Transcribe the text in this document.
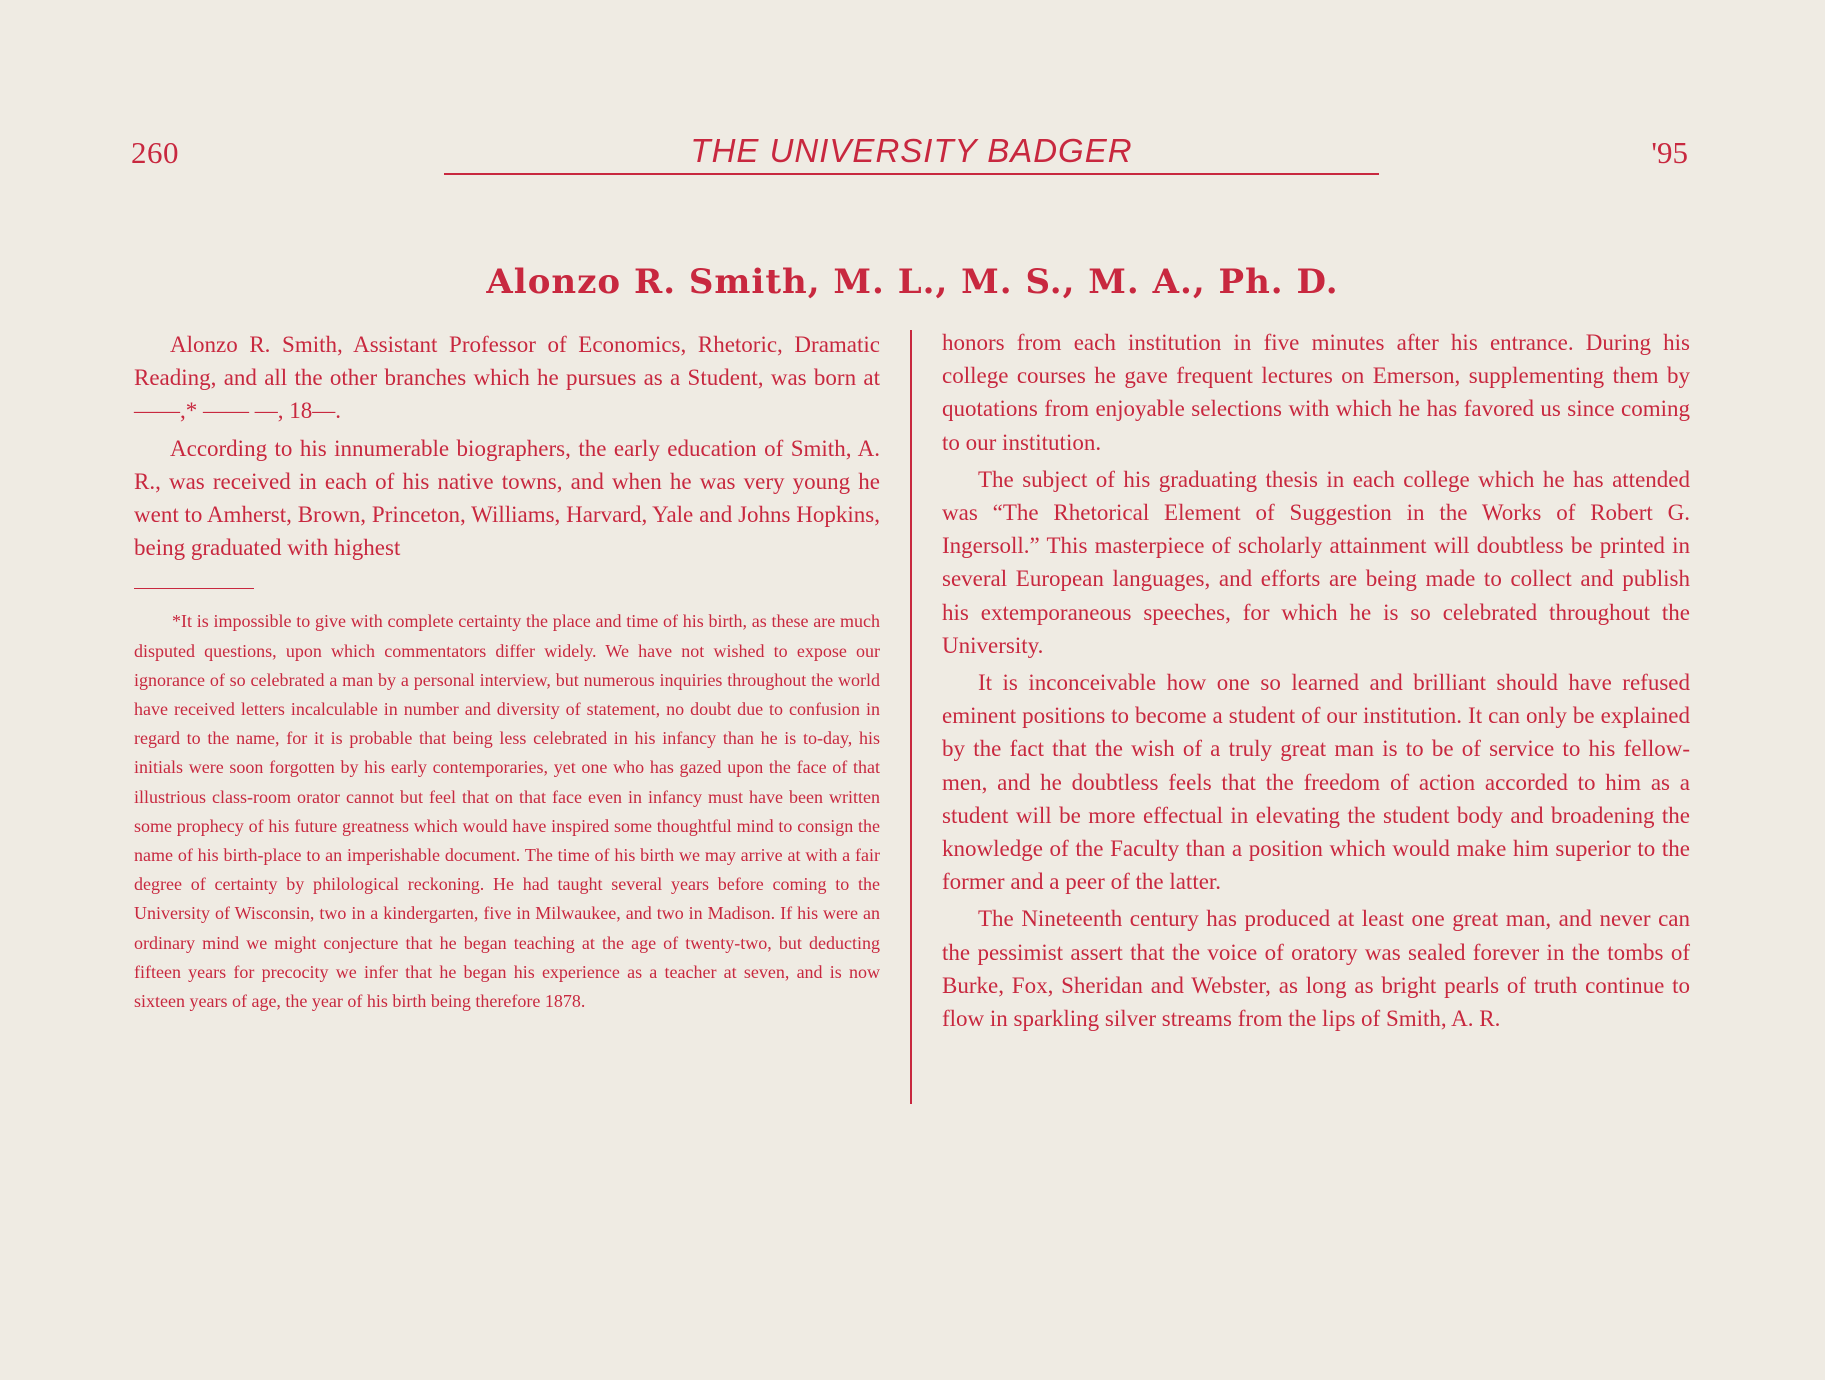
260	THE UNIVERSITY BADGER	'95
Alonzo R. Smith, M. L., M. S., M. A., Ph. D.

Alonzo R. Smith, Assistant Professor of Economics, Rhetoric, Dramatic Reading, and all the other branches which he pursues as a Student, was born at ——,* —— —, 18—.

According to his innumerable biographers, the early education of Smith, A. R., was received in each of his native towns, and when he was very young he went to Amherst, Brown, Princeton, Williams, Harvard, Yale and Johns Hopkins, being graduated with highest

*It is impossible to give with complete certainty the place and time of his birth, as these are much disputed questions, upon which commentators differ widely. We have not wished to expose our ignorance of so celebrated a man by a personal interview, but numerous inquiries throughout the world have received letters incalculable in number and diversity of statement, no doubt due to confusion in regard to the name, for it is probable that being less celebrated in his infancy than he is to-day, his initials were soon forgotten by his early contemporaries, yet one who has gazed upon the face of that illustrious class-room orator cannot but feel that on that face even in infancy must have been written some prophecy of his future greatness which would have inspired some thoughtful mind to consign the name of his birth-place to an imperishable document. The time of his birth we may arrive at with a fair degree of certainty by philological reckoning. He had taught several years before coming to the University of Wisconsin, two in a kindergarten, five in Milwaukee, and two in Madison. If his were an ordinary mind we might conjecture that he began teaching at the age of twenty-two, but deducting fifteen years for precocity we infer that he began his experience as a teacher at seven, and is now sixteen years of age, the year of his birth being therefore 1878.

honors from each institution in five minutes after his entrance. During his college courses he gave frequent lectures on Emerson, supplementing them by quotations from enjoyable selections with which he has favored us since coming to our institution.

The subject of his graduating thesis in each college which he has attended was “The Rhetorical Element of Suggestion in the Works of Robert G. Ingersoll.” This masterpiece of scholarly attainment will doubtless be printed in several European languages, and efforts are being made to collect and publish his extemporaneous speeches, for which he is so celebrated throughout the University.

It is inconceivable how one so learned and brilliant should have refused eminent positions to become a student of our institution. It can only be explained by the fact that the wish of a truly great man is to be of service to his fellow-men, and he doubtless feels that the freedom of action accorded to him as a student will be more effectual in elevating the student body and broadening the knowledge of the Faculty than a position which would make him superior to the former and a peer of the latter.

The Nineteenth century has produced at least one great man, and never can the pessimist assert that the voice of oratory was sealed forever in the tombs of Burke, Fox, Sheridan and Webster, as long as bright pearls of truth continue to flow in sparkling silver streams from the lips of Smith, A. R.
